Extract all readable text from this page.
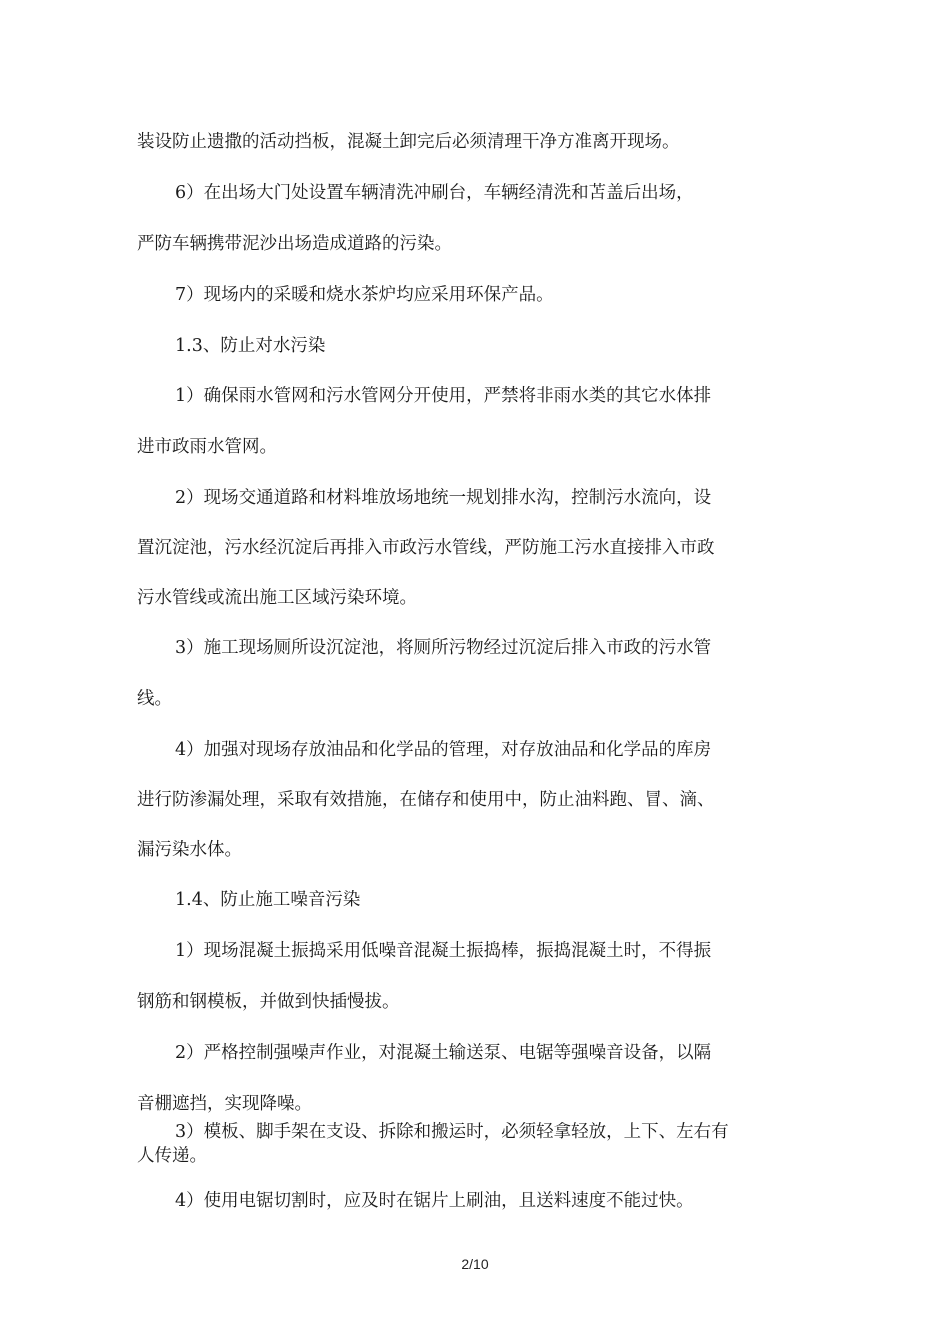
装设防止遗撒的活动挡板，混凝土卸完后必须清理干净方准离开现场。

6）在出场大门处设置车辆清洗冲刷台，车辆经清洗和苫盖后出场，

严防车辆携带泥沙出场造成道路的污染。

7）现场内的采暖和烧水茶炉均应采用环保产品。

1.3、防止对水污染

1）确保雨水管网和污水管网分开使用，严禁将非雨水类的其它水体排

进市政雨水管网。

2）现场交通道路和材料堆放场地统一规划排水沟，控制污水流向，设

置沉淀池，污水经沉淀后再排入市政污水管线，严防施工污水直接排入市政

污水管线或流出施工区域污染环境。

3）施工现场厕所设沉淀池，将厕所污物经过沉淀后排入市政的污水管

线。

4）加强对现场存放油品和化学品的管理，对存放油品和化学品的库房

进行防渗漏处理，采取有效措施，在储存和使用中，防止油料跑、冒、滴、

漏污染水体。

1.4、防止施工噪音污染

1）现场混凝土振捣采用低噪音混凝土振捣棒，振捣混凝土时，不得振

钢筋和钢模板，并做到快插慢拔。

2）严格控制强噪声作业，对混凝土输送泵、电锯等强噪音设备，以隔

音棚遮挡，实现降噪。

3）模板、脚手架在支设、拆除和搬运时，必须轻拿轻放，上下、左右有

人传递。

4）使用电锯切割时，应及时在锯片上刷油，且送料速度不能过快。

2/10
